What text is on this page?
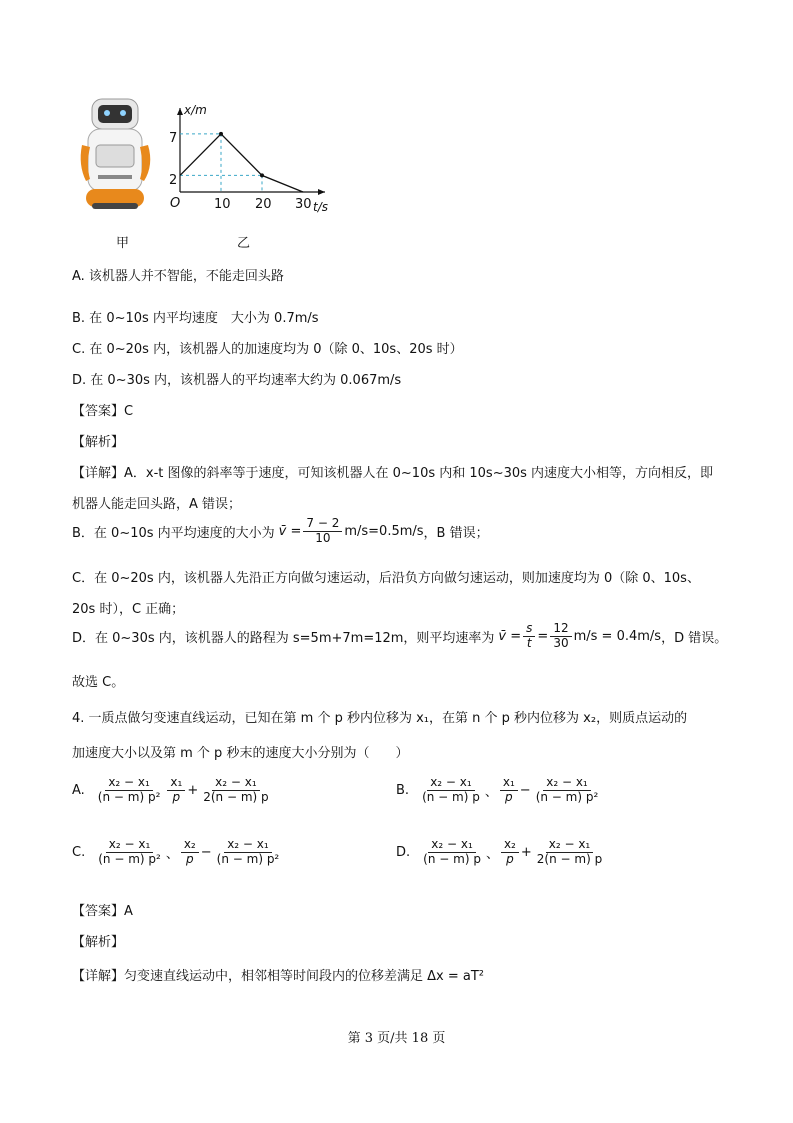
x/m
t/s
O
7
2
10 20 30
甲	乙
A. 该机器人并不智能，不能走回头路
B. 在 0~10s 内平均速度　大小为 0.7m/s
C. 在 0~20s 内，该机器人的加速度均为 0（除 0、10s、20s 时）
D. 在 0~30s 内，该机器人的平均速率大约为 0.067m/s
【答案】C
【解析】
【详解】A．x-t 图像的斜率等于速度，可知该机器人在 0~10s 内和 10s~30s 内速度大小相等，方向相反，即
机器人能走回头路，A 错误；
B．在 0~10s 内平均速度的大小为 v̄ = $\frac{7 - 2}{10} m/s=0.5m/s$ ，B 错误；
C．在 0~20s 内，该机器人先沿正方向做匀速运动，后沿负方向做匀速运动，则加速度均为 0（除 0、10s、
20s 时），C 正确；
D．在 0~30s 内，该机器人的路程为 s=5m+7m=12m，则平均速率为 v̄ = $\frac{s}{t} = \frac{12}{30} m/s = 0.4m/s$ ，D 错误。
故选 C。
4. 一质点做匀变速直线运动，已知在第 m 个 p 秒内位移为 x₁，在第 n 个 p 秒内位移为 x₂，则质点运动的
加速度大小以及第 m 个 p 秒末的速度大小分别为（　　）
A. $\frac{\text{x₂ − x₁}}{\text{(n − m) p²}} \frac{\text{x₁}}{p} + \frac{\text{x₂ − x₁}}{2(n - m) p}$	B. $\frac{\text{x₂ − x₁}}{(n - m) p}$ 、 $\frac{\text{x₁}}{p} - \frac{\text{x₂ − x₁}}{\text{(n − m) p²}}$
C. $\frac{\text{x₂ − x₁}}{\text{(n − m) p²}}$ 、 $\frac{\text{x₂}}{p} - \frac{\text{x₂ − x₁}}{\text{(n − m) p²}}$	D. $\frac{\text{x₂ − x₁}}{(n - m) p}$ 、 $\frac{\text{x₂}}{p} + \frac{\text{x₂ − x₁}}{2(n - m) p}$
【答案】A
【解析】
【详解】匀变速直线运动中，相邻相等时间段内的位移差满足 Δx = aT²
第 3 页/共 18 页
